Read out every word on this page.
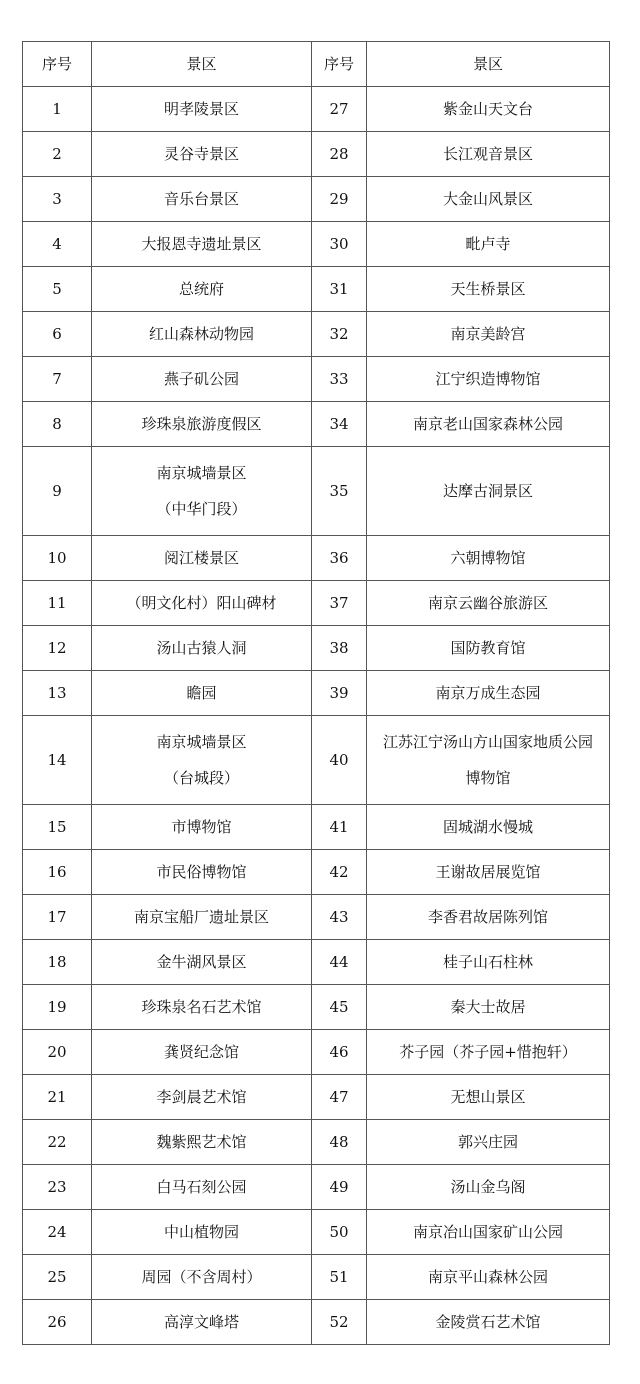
序号	景区	序号	景区
1	明孝陵景区	27	紫金山天文台

2	灵谷寺景区	28	长江观音景区

3	音乐台景区	29	大金山风景区

4	大报恩寺遗址景区	30	毗卢寺

5	总统府	31	天生桥景区

6	红山森林动物园	32	南京美龄宫

7	燕子矶公园	33	江宁织造博物馆

8	珍珠泉旅游度假区	34	南京老山国家森林公园

9	南京城墙景区
（中华门段）	35	达摩古洞景区

10	阅江楼景区	36	六朝博物馆

11	（明文化村）阳山碑材	37	南京云幽谷旅游区

12	汤山古猿人洞	38	国防教育馆

13	瞻园	39	南京万成生态园

14	南京城墙景区
（台城段）	40	江苏江宁汤山方山国家地质公园
博物馆

15	市博物馆	41	固城湖水慢城

16	市民俗博物馆	42	王谢故居展览馆

17	南京宝船厂遗址景区	43	李香君故居陈列馆

18	金牛湖风景区	44	桂子山石柱林

19	珍珠泉名石艺术馆	45	秦大士故居

20	龚贤纪念馆	46	芥子园（芥子园+惜抱轩）

21	李剑晨艺术馆	47	无想山景区

22	魏紫熙艺术馆	48	郭兴庄园

23	白马石刻公园	49	汤山金乌阁

24	中山植物园	50	南京冶山国家矿山公园

25	周园（不含周村）	51	南京平山森林公园

26	高淳文峰塔	52	金陵赏石艺术馆
